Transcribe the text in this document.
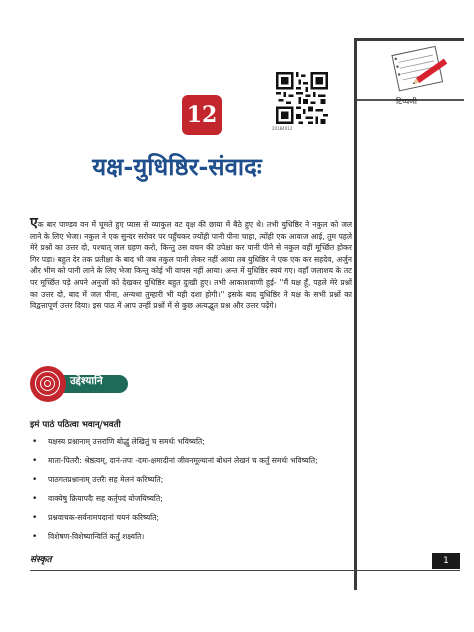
टिप्पणी
20184012
12
यक्ष-युधिष्ठिर-संवादः
एक बार पाण्डव वन में घूमते हुए प्यास से व्याकुल वट वृक्ष की छाया में बैठे हुए थे। तभी युधिष्ठिर ने नकुल को जल लाने के लिए भेजा। नकुल ने एक सुन्दर सरोवर पर पहुँचकर ज्योंही पानी पीना चाहा, त्योंही एक आवाज आई, तुम पहले मेरे प्रश्नों का उत्तर दो, पश्चात् जल ग्रहण करो, किन्तु उस वचन की उपेक्षा कर पानी पीने से नकुल वहीं मूर्च्छित होकर गिर पड़ा। बहुत देर तक प्रतीक्षा के बाद भी जब नकुल पानी लेकर नहीं आया तब युधिष्ठिर ने एक एक कर सहदेव, अर्जुन और भीम को पानी लाने के लिए भेजा किन्तु कोई भी वापस नहीं आया। अन्त में युधिष्ठिर स्वयं गए। वहाँ जलाशय के तट पर मूर्च्छित पड़े अपने अनुजों को देखकर युधिष्ठिर बहुत दुःखी हुए। तभी आकाशवाणी हुई- ''मैं यक्ष हूँ, पहले मेरे प्रश्नों का उत्तर दो, बाद में जल पीना, अन्यथा तुम्हारी भी यही दशा होगी।'' इसके बाद युधिष्ठिर ने यक्ष के सभी प्रश्नों का विद्वत्तापूर्ण उत्तर दिया। इस पाठ में आप उन्हीं प्रश्नों में से कुछ अत्यद्भुत प्रश्न और उत्तर पढ़ेंगे।
उद्देश्यानि
इमं पाठं पठित्वा भवान्/भवती
• यक्षस्य प्रश्नानाम् उत्तराणि बोद्धुं लेखितुं च समर्थः भविष्यति;
• माता-पितरौ: श्रेष्ठत्वम्, दानं-तपः -दमः-क्षमादीनां जीवनमूल्यानां बोधनं लेखनं च कर्तुं समर्थः भविष्यति;
• पाठगतप्रश्नानाम् उत्तरैः सह मेलनं करिष्यति;
• वाक्येषु क्रियापदैः सह कर्तृपदं योजयिष्यति;
• प्रश्नवाचक-सर्वनामपदानां चयनं करिष्यति;
• विशेषण-विशेष्यान्वितिं कर्तुं शक्ष्यति।
संस्कृत	1
